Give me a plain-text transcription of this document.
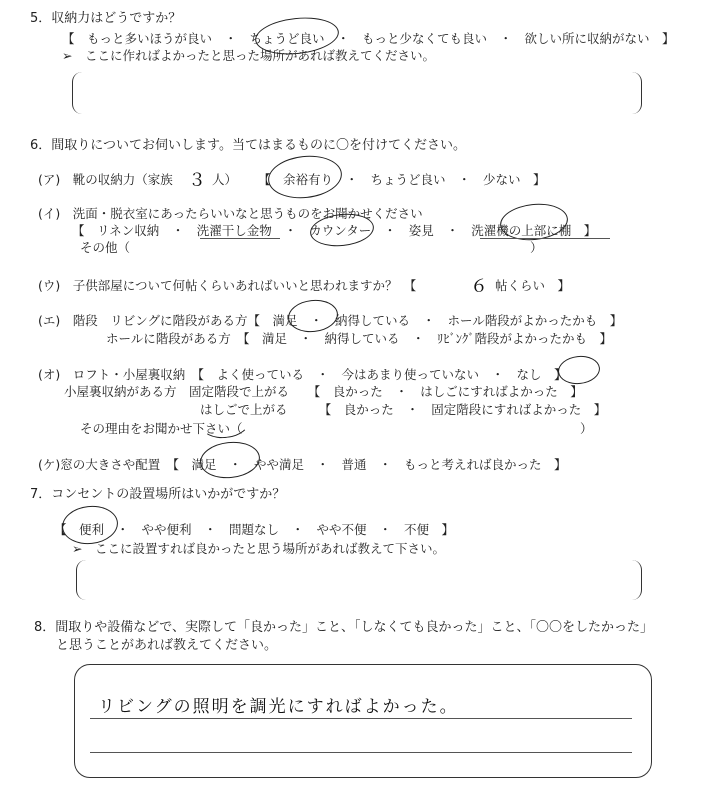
5．収納力はどうですか？
【　もっと多いほうが良い　・　ちょうど良い　・　もっと少なくても良い　・　欲しい所に収納がない　】
➢　ここに作ればよかったと思った場所があれば教えてください。
6．間取りについてお伺いします。当てはまるものに〇を付けてください。
(ア)　靴の収納力（家族 ３ 人） 【　余裕有り　・　ちょうど良い　・　少ない　】
(イ)　洗面・脱衣室にあったらいいなと思うものをお聞かせください
【　リネン収納　・　洗濯干し金物　・　カウンター　・　姿見　・　洗濯機の上部に棚　】
その他（　　　　　　　　　　　　　　　　　　　　　　　　　　　　　　　　）
(ウ)　子供部屋について何帖くらいあればいいと思われますか？　【	６ 帖くらい　】
(エ)　階段　リビングに階段がある方【　満足　・　納得している　・　ホール階段がよかったかも　】
ホールに階段がある方　【　満足　・　納得している　・　ﾘﾋﾞﾝｸﾞ階段がよかったかも　】
(オ)　ロフト・小屋裏収納　【　よく使っている　・　今はあまり使っていない　・　なし　】
小屋裏収納がある方　固定階段で上がる　　【　良かった　・　はしごにすればよかった　】
はしごで上がる　　　【　良かった　・　固定階段にすればよかった　】
その理由をお聞かせ下さい（　　　　　　　　　　　　　　　　　　　　　　　　　　　）
(ケ)窓の大きさや配置　【　満足　・　やや満足　・　普通　・　もっと考えれば良かった　】
7．コンセントの設置場所はいかがですか？
【　便利　・　やや便利　・　問題なし　・　やや不便　・　不便　】
➢　ここに設置すれば良かったと思う場所があれば教えて下さい。
8．間取りや設備などで、実際して「良かった」こと、「しなくても良かった」こと、「〇〇をしたかった」
と思うことがあれば教えてください。
リビングの照明を調光にすればよかった。
